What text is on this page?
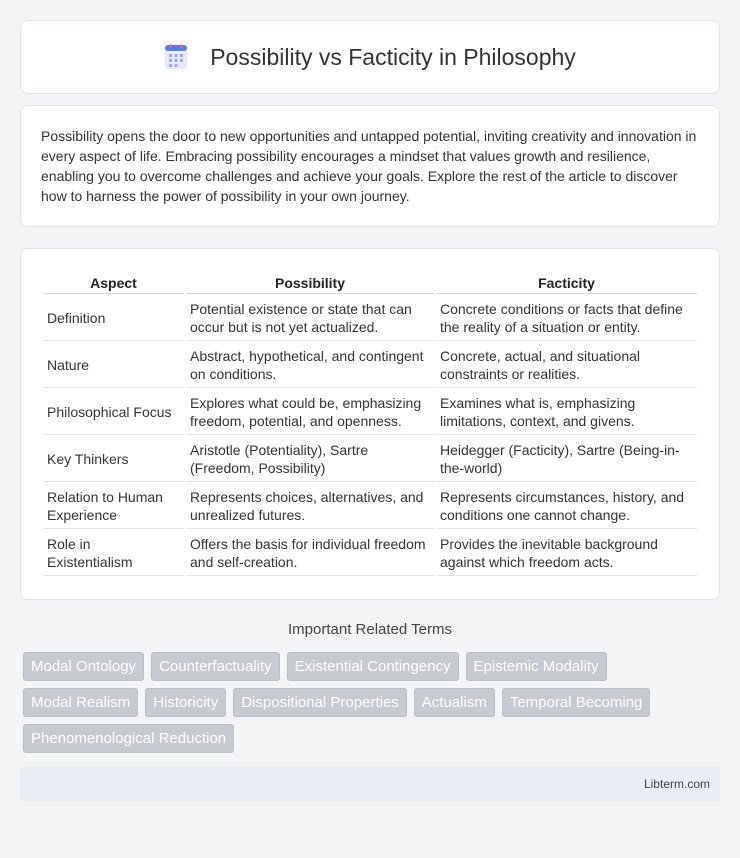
Possibility vs Facticity in Philosophy

Possibility opens the door to new opportunities and untapped potential, inviting creativity and innovation in every aspect of life. Embracing possibility encourages a mindset that values growth and resilience, enabling you to overcome challenges and achieve your goals. Explore the rest of the article to discover how to harness the power of possibility in your own journey.

Aspect	Possibility	Facticity
Definition	Potential existence or state that can occur but is not yet actualized.	Concrete conditions or facts that define the reality of a situation or entity.
Nature	Abstract, hypothetical, and contingent on conditions.	Concrete, actual, and situational constraints or realities.
Philosophical Focus	Explores what could be, emphasizing freedom, potential, and openness.	Examines what is, emphasizing limitations, context, and givens.
Key Thinkers	Aristotle (Potentiality), Sartre (Freedom, Possibility)	Heidegger (Facticity), Sartre (Being-in-the-world)
Relation to Human Experience	Represents choices, alternatives, and unrealized futures.	Represents circumstances, history, and conditions one cannot change.
Role in Existentialism	Offers the basis for individual freedom and self-creation.	Provides the inevitable background against which freedom acts.
Important Related Terms
Modal Ontology	Counterfactuality	Existential Contingency	Epistemic Modality
Modal Realism	Historicity	Dispositional Properties	Actualism	Temporal Becoming
Phenomenological Reduction
Libterm.com
